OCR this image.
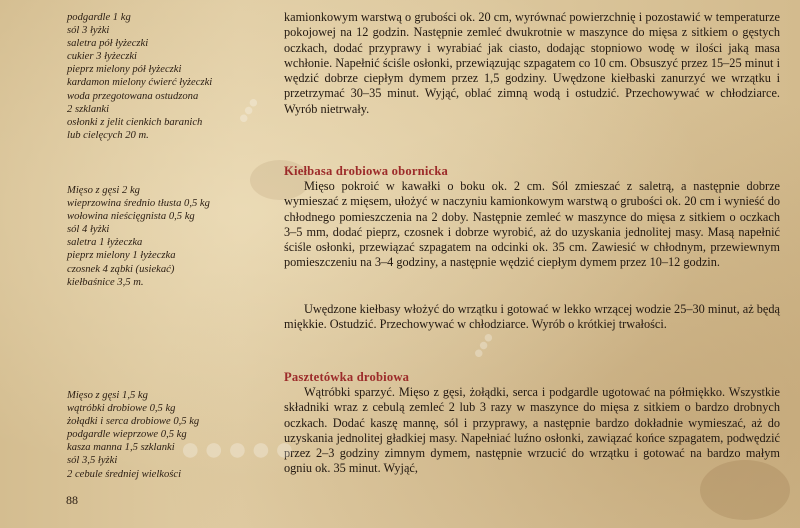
podgardle 1 kg
sól 3 łyżki
saletra pół łyżeczki
cukier 3 łyżeczki
pieprz mielony pół łyżeczki
kardamon mielony ćwierć łyżeczki
woda przegotowana ostudzona
2 szklanki
osłonki z jelit cienkich baranich
lub cielęcych 20 m.
Mięso z gęsi 2 kg
wieprzowina średnio tłusta 0,5 kg
wołowina nieścięgnista 0,5 kg
sól 4 łyżki
saletra 1 łyżeczka
pieprz mielony 1 łyżeczka
czosnek 4 ząbki (usiekać)
kiełbaśnice 3,5 m.
Mięso z gęsi 1,5 kg
wątróbki drobiowe 0,5 kg
żołądki i serca drobiowe 0,5 kg
podgardle wieprzowe 0,5 kg
kasza manna 1,5 szklanki
sól 3,5 łyżki
2 cebule średniej wielkości
88

kamionkowym warstwą o grubości ok. 20 cm, wyrównać powierzchnię i pozostawić w temperaturze pokojowej na 12 godzin. Następnie zemleć dwukrotnie w maszynce do mięsa z sitkiem o gęstych oczkach, dodać przyprawy i wyrabiać jak ciasto, dodając stopniowo wodę w ilości jaką masa wchłonie. Napełnić ściśle osłonki, przewiązując szpagatem co 10 cm. Obsuszyć przez 15–25 minut i wędzić dobrze ciepłym dymem przez 1,5 godziny. Uwędzone kiełbaski zanurzyć we wrzątku i przetrzymać 30–35 minut. Wyjąć, oblać zimną wodą i ostudzić. Przechowywać w chłodziarce. Wyrób nietrwały.

Kiełbasa drobiowa obornicka

Mięso pokroić w kawałki o boku ok. 2 cm. Sól zmieszać z saletrą, a następnie dobrze wymieszać z mięsem, ułożyć w naczyniu kamionkowym warstwą o grubości ok. 20 cm i wynieść do chłodnego pomieszczenia na 2 doby. Następnie zemleć w maszynce do mięsa z sitkiem o oczkach 3–5 mm, dodać pieprz, czosnek i dobrze wyrobić, aż do uzyskania jednolitej masy. Masą napełnić ściśle osłonki, przewiązać szpagatem na odcinki ok. 35 cm. Zawiesić w chłodnym, przewiewnym pomieszczeniu na 3–4 godziny, a następnie wędzić ciepłym dymem przez 10–12 godzin.

Uwędzone kiełbasy włożyć do wrzątku i gotować w lekko wrzącej wodzie 25–30 minut, aż będą miękkie. Ostudzić. Przechowywać w chłodziarce. Wyrób o krótkiej trwałości.

Pasztetówka drobiowa

Wątróbki sparzyć. Mięso z gęsi, żołądki, serca i podgardle ugotować na półmiękko. Wszystkie składniki wraz z cebulą zemleć 2 lub 3 razy w maszynce do mięsa z sitkiem o bardzo drobnych oczkach. Dodać kaszę mannę, sól i przyprawy, a następnie bardzo dokładnie wymieszać, aż do uzyskania jednolitej gładkiej masy. Napełniać luźno osłonki, zawiązać końce szpagatem, podwędzić przez 2–3 godziny zimnym dymem, następnie wrzucić do wrzątku i gotować na bardzo małym ogniu ok. 35 minut. Wyjąć,

•••
•••
●●●●●
